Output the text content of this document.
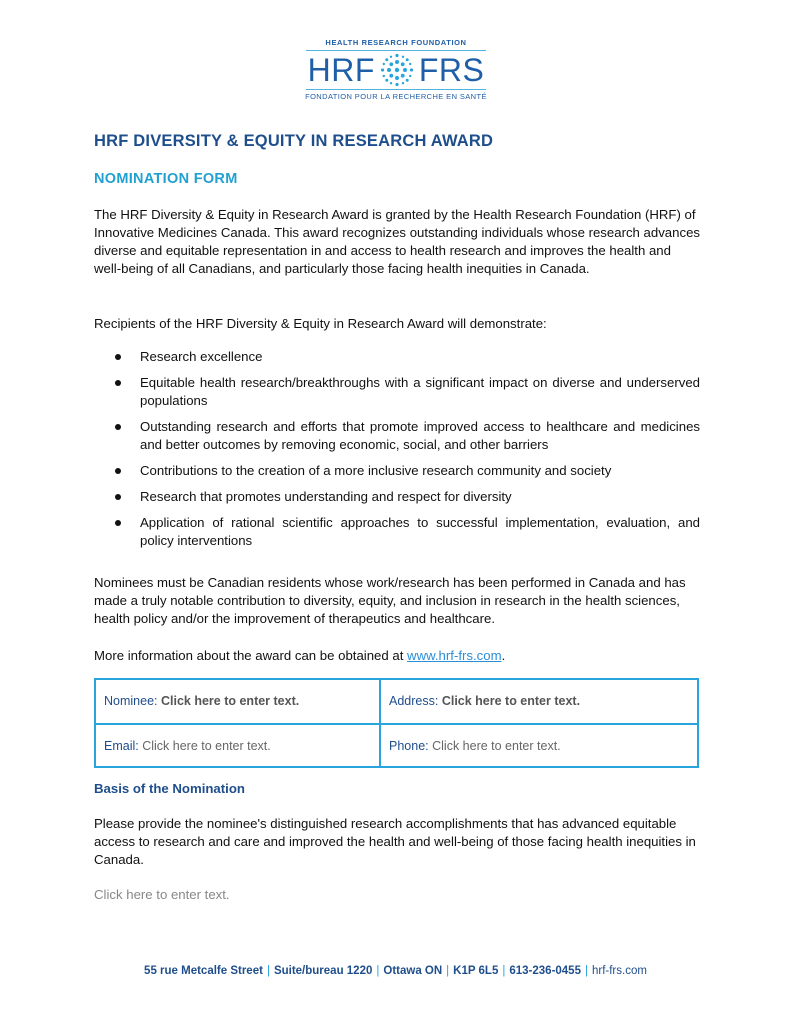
HEALTH RESEARCH FOUNDATION
HRF FRS
FONDATION POUR LA RECHERCHE EN SANTÉ
HRF DIVERSITY & EQUITY IN RESEARCH AWARD
NOMINATION FORM
The HRF Diversity & Equity in Research Award is granted by the Health Research Foundation (HRF) of Innovative Medicines Canada. This award recognizes outstanding individuals whose research advances diverse and equitable representation in and access to health research and improves the health and well-being of all Canadians, and particularly those facing health inequities in Canada.
Recipients of the HRF Diversity & Equity in Research Award will demonstrate:
Research excellence
Equitable health research/breakthroughs with a significant impact on diverse and underserved populations
Outstanding research and efforts that promote improved access to healthcare and medicines and better outcomes by removing economic, social, and other barriers
Contributions to the creation of a more inclusive research community and society
Research that promotes understanding and respect for diversity
Application of rational scientific approaches to successful implementation, evaluation, and policy interventions
Nominees must be Canadian residents whose work/research has been performed in Canada and has made a truly notable contribution to diversity, equity, and inclusion in research in the health sciences, health policy and/or the improvement of therapeutics and healthcare.
More information about the award can be obtained at www.hrf-frs.com.
Nominee: Click here to enter text.	Address: Click here to enter text.
Email: Click here to enter text.	Phone: Click here to enter text.
Basis of the Nomination
Please provide the nominee's distinguished research accomplishments that has advanced equitable access to research and care and improved the health and well-being of those facing health inequities in Canada.
Click here to enter text.
55 rue Metcalfe Street | Suite/bureau 1220 | Ottawa ON | K1P 6L5 | 613-236-0455 | hrf-frs.com
